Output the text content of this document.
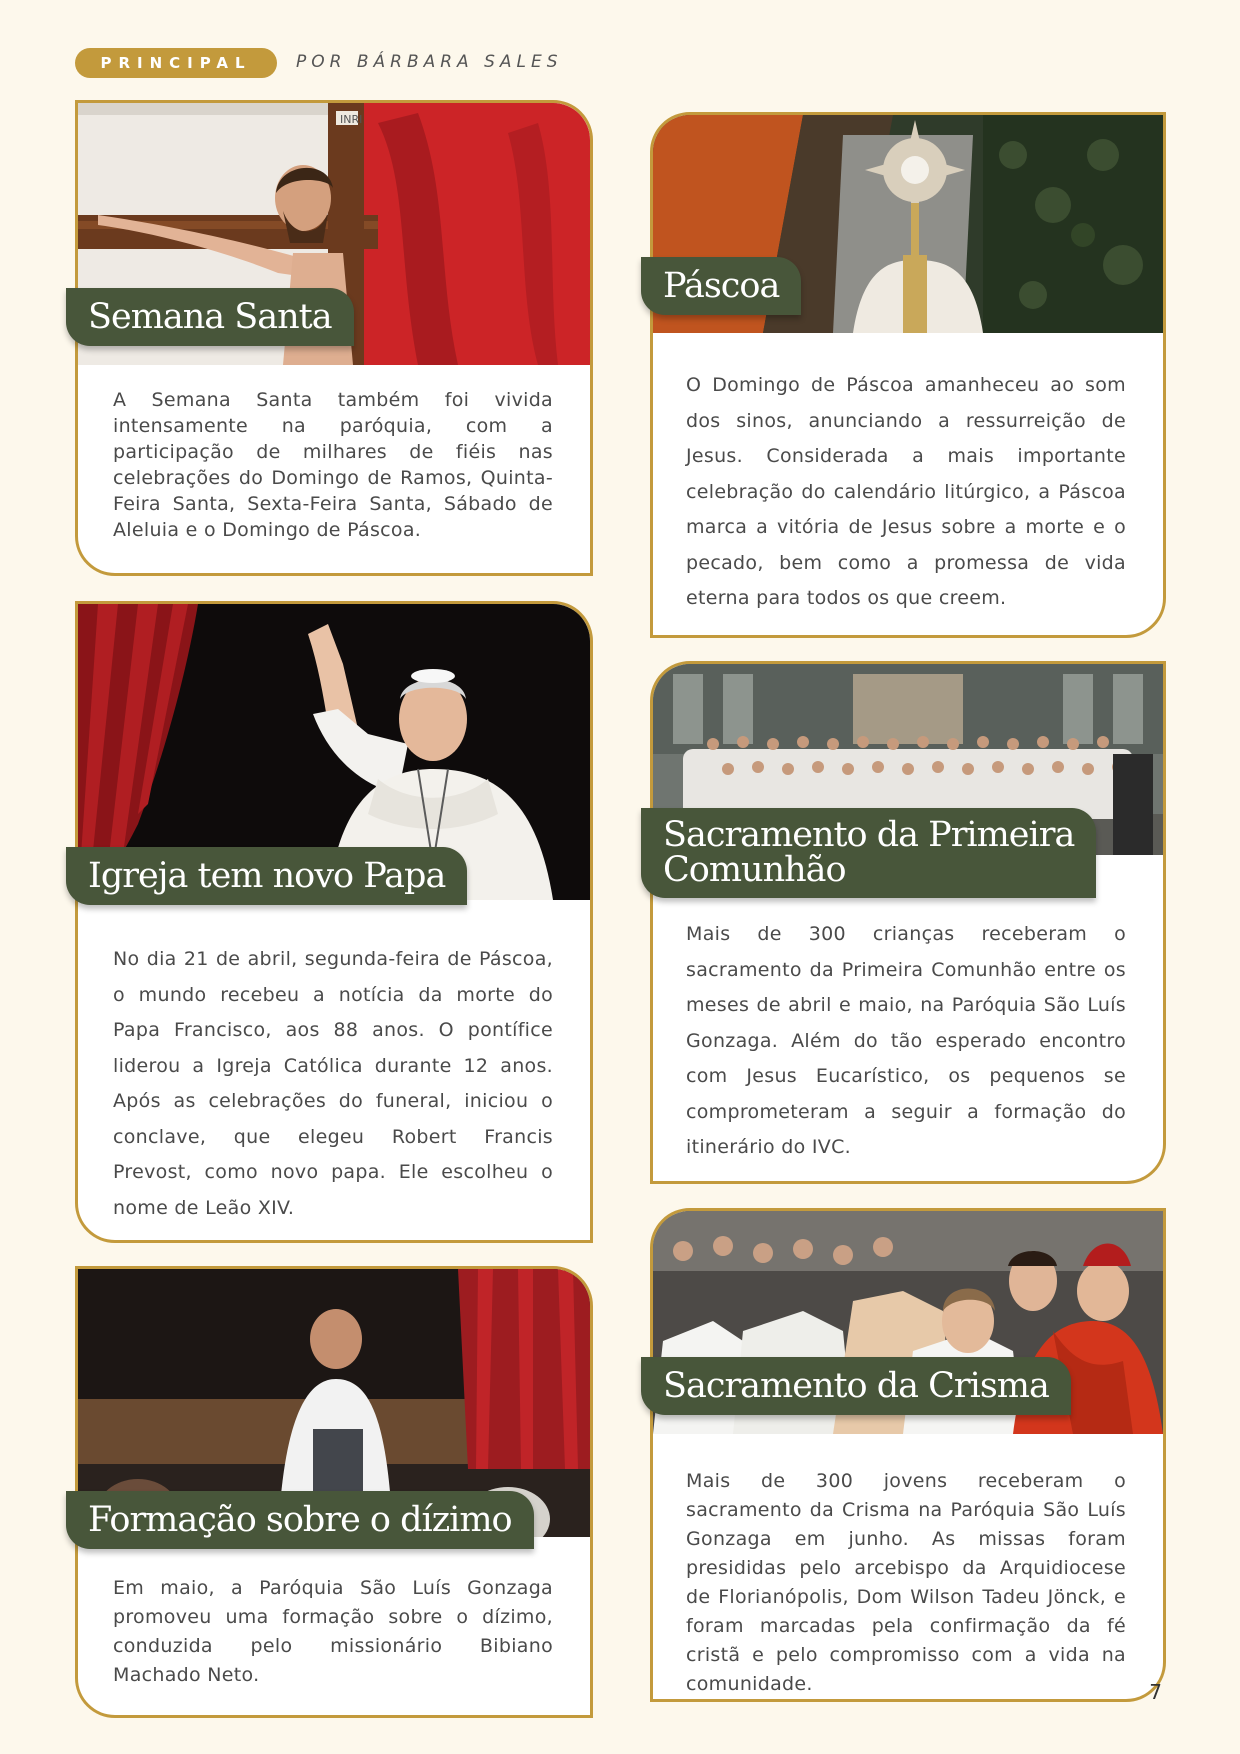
PRINCIPAL	POR BÁRBARA SALES
INRI
Semana Santa
A Semana Santa também foi vivida intensamente na paróquia, com a participação de milhares de fiéis nas celebrações do Domingo de Ramos, Quinta-Feira Santa, Sexta-Feira Santa, Sábado de Aleluia e o Domingo de Páscoa.
Páscoa
O Domingo de Páscoa amanheceu ao som dos sinos, anunciando a ressurreição de Jesus. Considerada a mais importante celebração do calendário litúrgico, a Páscoa marca a vitória de Jesus sobre a morte e o pecado, bem como a promessa de vida eterna para todos os que creem.
Igreja tem novo Papa
No dia 21 de abril, segunda-feira de Páscoa, o mundo recebeu a notícia da morte do Papa Francisco, aos 88 anos. O pontífice liderou a Igreja Católica durante 12 anos. Após as celebrações do funeral, iniciou o conclave, que elegeu Robert Francis Prevost, como novo papa. Ele escolheu o nome de Leão XIV.
Sacramento da Primeira
Comunhão
Mais de 300 crianças receberam o sacramento da Primeira Comunhão entre os meses de abril e maio, na Paróquia São Luís Gonzaga. Além do tão esperado encontro com Jesus Eucarístico, os pequenos se comprometeram a seguir a formação do itinerário do IVC.
Formação sobre o dízimo
Em maio, a Paróquia São Luís Gonzaga promoveu uma formação sobre o dízimo, conduzida pelo missionário Bibiano Machado Neto.
Sacramento da Crisma
Mais de 300 jovens receberam o sacramento da Crisma na Paróquia São Luís Gonzaga em junho. As missas foram presididas pelo arcebispo da Arquidiocese de Florianópolis, Dom Wilson Tadeu Jönck, e foram marcadas pela confirmação da fé cristã e pelo compromisso com a vida na comunidade.	7
